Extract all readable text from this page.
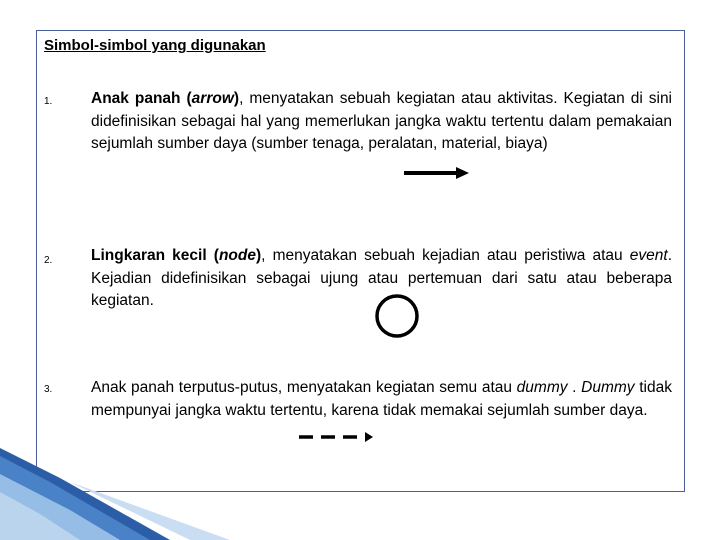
Simbol-simbol yang digunakan
1. Anak panah (arrow), menyatakan sebuah kegiatan atau aktivitas. Kegiatan di sini didefinisikan sebagai hal yang memerlukan jangka waktu tertentu dalam pemakaian sejumlah sumber daya (sumber tenaga, peralatan, material, biaya)

2. Lingkaran kecil (node), menyatakan sebuah kejadian atau peristiwa atau event. Kejadian didefinisikan sebagai ujung atau pertemuan dari satu atau beberapa kegiatan.

3. Anak panah terputus-putus, menyatakan kegiatan semu atau dummy . Dummy tidak mempunyai jangka waktu tertentu, karena tidak memakai sejumlah sumber daya.
